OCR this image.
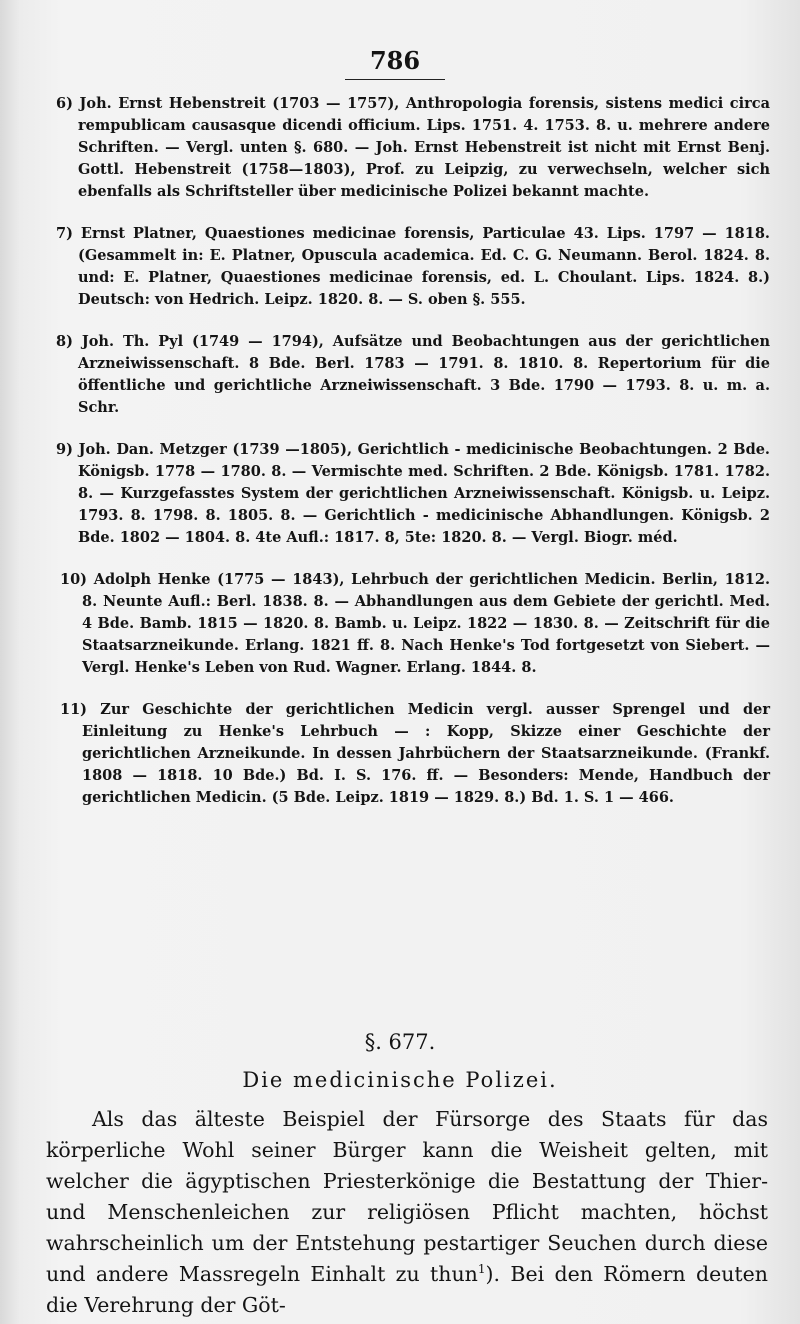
786

6) Joh. Ernst Hebenstreit (1703 — 1757), Anthropologia forensis, sistens medici circa rempublicam causasque dicendi officium. Lips. 1751. 4. 1753. 8. u. mehrere andere Schriften. — Vergl. unten §. 680. — Joh. Ernst Hebenstreit ist nicht mit Ernst Benj. Gottl. Hebenstreit (1758—1803), Prof. zu Leipzig, zu verwechseln, welcher sich ebenfalls als Schriftsteller über medicinische Polizei bekannt machte.

7) Ernst Platner, Quaestiones medicinae forensis, Particulae 43. Lips. 1797 — 1818. (Gesammelt in: E. Platner, Opuscula academica. Ed. C. G. Neumann. Berol. 1824. 8. und: E. Platner, Quaestiones medicinae forensis, ed. L. Choulant. Lips. 1824. 8.) Deutsch: von Hedrich. Leipz. 1820. 8. — S. oben §. 555.

8) Joh. Th. Pyl (1749 — 1794), Aufsätze und Beobachtungen aus der gerichtlichen Arzneiwissenschaft. 8 Bde. Berl. 1783 — 1791. 8. 1810. 8. Repertorium für die öffentliche und gerichtliche Arzneiwissenschaft. 3 Bde. 1790 — 1793. 8. u. m. a. Schr.

9) Joh. Dan. Metzger (1739 —1805), Gerichtlich - medicinische Beobachtungen. 2 Bde. Königsb. 1778 — 1780. 8. — Vermischte med. Schriften. 2 Bde. Königsb. 1781. 1782. 8. — Kurzgefasstes System der gerichtlichen Arzneiwissenschaft. Königsb. u. Leipz. 1793. 8. 1798. 8. 1805. 8. — Gerichtlich - medicinische Abhandlungen. Königsb. 2 Bde. 1802 — 1804. 8. 4te Aufl.: 1817. 8, 5te: 1820. 8. — Vergl. Biogr. méd.

10) Adolph Henke (1775 — 1843), Lehrbuch der gerichtlichen Medicin. Berlin, 1812. 8. Neunte Aufl.: Berl. 1838. 8. — Abhandlungen aus dem Gebiete der gerichtl. Med. 4 Bde. Bamb. 1815 — 1820. 8. Bamb. u. Leipz. 1822 — 1830. 8. — Zeitschrift für die Staatsarzneikunde. Erlang. 1821 ff. 8. Nach Henke's Tod fortgesetzt von Siebert. — Vergl. Henke's Leben von Rud. Wagner. Erlang. 1844. 8.

11) Zur Geschichte der gerichtlichen Medicin vergl. ausser Sprengel und der Einleitung zu Henke's Lehrbuch — : Kopp, Skizze einer Geschichte der gerichtlichen Arzneikunde. In dessen Jahrbüchern der Staatsarzneikunde. (Frankf. 1808 — 1818. 10 Bde.) Bd. I. S. 176. ff. — Besonders: Mende, Handbuch der gerichtlichen Medicin. (5 Bde. Leipz. 1819 — 1829. 8.) Bd. 1. S. 1 — 466.

§. 677.
Die medicinische Polizei.

Als das älteste Beispiel der Fürsorge des Staats für das körperliche Wohl seiner Bürger kann die Weisheit gelten, mit welcher die ägyptischen Priesterkönige die Bestattung der Thier- und Menschenleichen zur religiösen Pflicht machten, höchst wahrscheinlich um der Entstehung pestartiger Seuchen durch diese und andere Massregeln Einhalt zu thun$^1$). Bei den Römern deuten die Verehrung der Göt-
